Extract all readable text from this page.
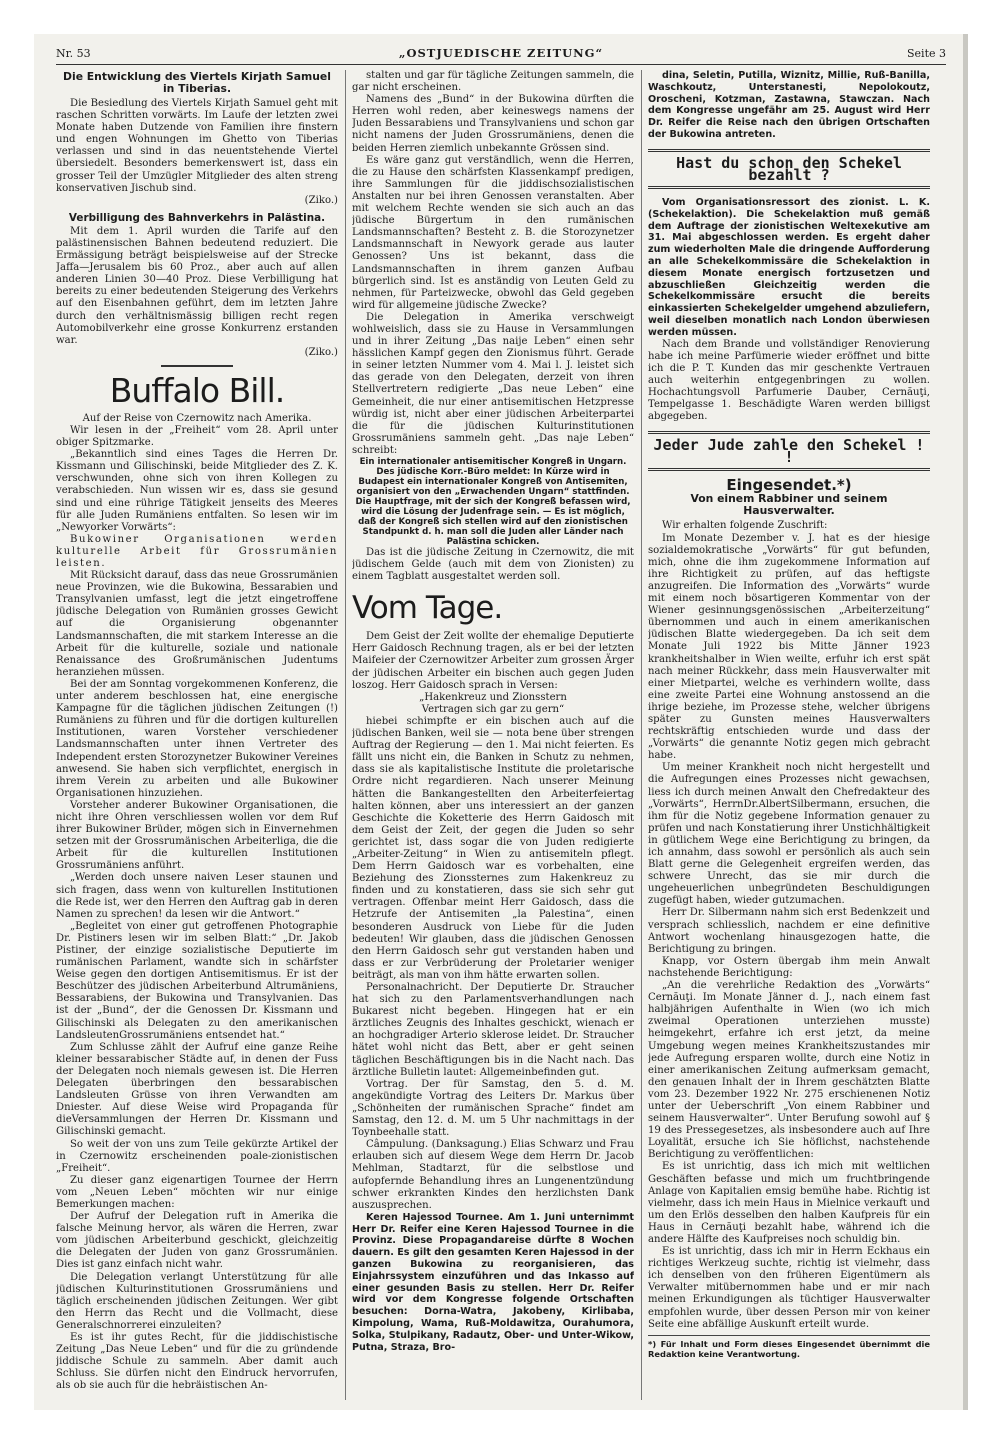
Nr. 53	„OSTJUEDISCHE ZEITUNG“	Seite 3
Die Entwicklung des Viertels Kirjath Samuel in Tiberias.

Die Besiedlung des Viertels Kirjath Samuel geht mit raschen Schritten vorwärts. Im Laufe der letzten zwei Monate haben Dutzende von Familien ihre finstern und engen Wohnungen im Ghetto von Tiberias verlassen und sind in das neuentstehende Viertel übersiedelt. Besonders bemerkenswert ist, dass ein grosser Teil der Umzügler Mitglieder des alten streng konservativen Jischub sind.

(Ziko.)
Verbilligung des Bahnverkehrs in Palästina.

Mit dem 1. April wurden die Tarife auf den palästinensischen Bahnen bedeutend reduziert. Die Ermässigung beträgt beispielsweise auf der Strecke Jaffa—Jerusalem bis 60 Proz., aber auch auf allen anderen Linien 30—40 Proz. Diese Verbilligung hat bereits zu einer bedeutenden Steigerung des Verkehrs auf den Eisenbahnen geführt, dem im letzten Jahre durch den verhältnismässig billigen recht regen Automobilverkehr eine grosse Konkurrenz erstanden war.

(Ziko.)
Buffalo Bill.
Auf der Reise von Czernowitz nach Amerika.

Wir lesen in der „Freiheit“ vom 28. April unter obiger Spitzmarke.

„Bekanntlich sind eines Tages die Herren Dr. Kissmann und Gilischinski, beide Mitglieder des Z. K. verschwunden, ohne sich von ihren Kollegen zu verabschieden. Nun wissen wir es, dass sie gesund sind und eine rührige Tätigkeit jenseits des Meeres für alle Juden Rumäniens entfalten. So lesen wir im „Newyorker Vorwärts“:

Bukowiner Organisationen werden kulturelle Arbeit für Grossrumänien leisten.

Mit Rücksicht darauf, dass das neue Grossrumänien neue Provinzen, wie die Bukowina, Bessarabien und Transylvanien umfasst, legt die jetzt eingetroffene jüdische Delegation von Rumänien grosses Gewicht auf die Organisierung obgenannter Landsmannschaften, die mit starkem Interesse an die Arbeit für die kulturelle, soziale und nationale Renaissance des Großrumänischen Judentums heranziehen müssen.

Bei der am Sonntag vorgekommenen Konferenz, die unter anderem beschlossen hat, eine energische Kampagne für die täglichen jüdischen Zeitungen (!) Rumäniens zu führen und für die dortigen kulturellen Institutionen, waren Vorsteher verschiedener Landsmannschaften unter ihnen Vertreter des Independent ersten Storozynetzer Bukowiner Vereines anwesend. Sie haben sich verpflichtet, energisch in ihrem Verein zu arbeiten und alle Bukowiner Organisationen hinzuziehen.

Vorsteher anderer Bukowiner Organisationen, die nicht ihre Ohren verschliessen wollen vor dem Ruf ihrer Bukowiner Brüder, mögen sich in Einvernehmen setzen mit der Grossrumänischen Arbeiterliga, die die Arbeit für die kulturellen Institutionen Grossrumäniens anführt.

„Werden doch unsere naiven Leser staunen und sich fragen, dass wenn von kulturellen Institutionen die Rede ist, wer den Herren den Auftrag gab in deren Namen zu sprechen! da lesen wir die Antwort.“

„Begleitet von einer gut getroffenen Photographie Dr. Pistiners lesen wir im selben Blatt:“ „Dr. Jakob Pistiner, der einzige sozialistische Deputierte im rumänischen Parlament, wandte sich in schärfster Weise gegen den dortigen Antisemitismus. Er ist der Beschützer des jüdischen Arbeiterbund Altrumäniens, Bessarabiens, der Bukowina und Transylvanien. Das ist der „Bund“, der die Genossen Dr. Kissmann und Gilischinski als Delegaten zu den amerikanischen LandsleutenGrossrumäniens entsendet hat.“

Zum Schlusse zählt der Aufruf eine ganze Reihe kleiner bessarabischer Städte auf, in denen der Fuss der Delegaten noch niemals gewesen ist. Die Herren Delegaten überbringen den bessarabischen Landsleuten Grüsse von ihren Verwandten am Dniester. Auf diese Weise wird Propaganda für dieVersammlungen der Herren Dr. Kissmann und Gilischinski gemacht.

So weit der von uns zum Teile gekürzte Artikel der in Czernowitz erscheinenden poale-zionistischen „Freiheit“.

Zu dieser ganz eigenartigen Tournee der Herrn vom „Neuen Leben“ möchten wir nur einige Bemerkungen machen:

Der Aufruf der Delegation ruft in Amerika die falsche Meinung hervor, als wären die Herren, zwar vom jüdischen Arbeiterbund geschickt, gleichzeitig die Delegaten der Juden von ganz Grossrumänien. Dies ist ganz einfach nicht wahr.

Die Delegation verlangt Unterstützung für alle jüdischen Kulturinstitutionen Grossrumäniens und täglich erscheinenden jüdischen Zeitungen. Wer gibt den Herrn das Recht und die Vollmacht, diese Generalschnorrerei einzuleiten?

Es ist ihr gutes Recht, für die jiddischistische Zeitung „Das Neue Leben“ und für die zu gründende jiddische Schule zu sammeln. Aber damit auch Schluss. Sie dürfen nicht den Eindruck hervorrufen, als ob sie auch für die hebräistischen An-

stalten und gar für tägliche Zeitungen sammeln, die gar nicht erscheinen.

Namens des „Bund“ in der Bukowina dürften die Herren wohl reden, aber keineswegs namens der Juden Bessarabiens und Transylvaniens und schon gar nicht namens der Juden Grossrumäniens, denen die beiden Herren ziemlich unbekannte Grössen sind.

Es wäre ganz gut verständlich, wenn die Herren, die zu Hause den schärfsten Klassenkampf predigen, ihre Sammlungen für die jiddischsozialistischen Anstalten nur bei ihren Genossen veranstalten. Aber mit welchem Rechte wenden sie sich auch an das jüdische Bürgertum in den rumänischen Landsmannschaften? Besteht z. B. die Storozynetzer Landsmannschaft in Newyork gerade aus lauter Genossen? Uns ist bekannt, dass die Landsmannschaften in ihrem ganzen Aufbau bürgerlich sind. Ist es anständig von Leuten Geld zu nehmen, für Parteizwecke, obwohl das Geld gegeben wird für allgemeine jüdische Zwecke?

Die Delegation in Amerika verschweigt wohlweislich, dass sie zu Hause in Versammlungen und in ihrer Zeitung „Das naije Leben“ einen sehr hässlichen Kampf gegen den Zionismus führt. Gerade in seiner letzten Nummer vom 4. Mai l. J. leistet sich das gerade von den Delegaten, derzeit von ihren Stellvertretern redigierte „Das neue Leben“ eine Gemeinheit, die nur einer antisemitischen Hetzpresse würdig ist, nicht aber einer jüdischen Arbeiterpartei die für die jüdischen Kulturinstitutionen Grossrumäniens sammeln geht. „Das naje Leben“ schreibt:

Ein internationaler antisemitischer Kongreß in Ungarn. Des jüdische Korr.-Büro meldet: In Kürze wird in Budapest ein internationaler Kongreß von Antisemiten, organisiert von den „Erwachenden Ungarn“ stattfinden. Die Hauptfrage, mit der sich der Kongreß befassen wird, wird die Lösung der Judenfrage sein. — Es ist möglich, daß der Kongreß sich stellen wird auf den zionistischen Standpunkt d. h. man soll die Juden aller Länder nach Palästina schicken.

Das ist die jüdische Zeitung in Czernowitz, die mit jüdischem Gelde (auch mit dem von Zionisten) zu einem Tagblatt ausgestaltet werden soll.

Vom Tage.

Dem Geist der Zeit wollte der ehemalige Deputierte Herr Gaidosch Rechnung tragen, als er bei der letzten Maifeier der Czernowitzer Arbeiter zum grossen Ärger der jüdischen Arbeiter ein bischen auch gegen Juden loszog. Herr Gaidosch sprach in Versen:

„Hakenkreuz und Zionsstern
Vertragen sich gar zu gern“

hiebei schimpfte er ein bischen auch auf die jüdischen Banken, weil sie — nota bene über strengen Auftrag der Regierung — den 1. Mai nicht feierten. Es fällt uns nicht ein, die Banken in Schutz zu nehmen, dass sie als kapitalistische Institute die proletarische Ordre nicht regardieren. Nach unserer Meinung hätten die Bankangestellten den Arbeiterfeiertag halten können, aber uns interessiert an der ganzen Geschichte die Koketterie des Herrn Gaidosch mit dem Geist der Zeit, der gegen die Juden so sehr gerichtet ist, dass sogar die von Juden redigierte „Arbeiter-Zeitung“ in Wien zu antisemiteln pflegt. Dem Herrn Gaidosch war es vorbehalten, eine Beziehung des Zionssternes zum Hakenkreuz zu finden und zu konstatieren, dass sie sich sehr gut vertragen. Offenbar meint Herr Gaidosch, dass die Hetzrufe der Antisemiten „la Palestina“, einen besonderen Ausdruck von Liebe für die Juden bedeuten! Wir glauben, dass die jüdischen Genossen den Herrn Gaidosch sehr gut verstanden haben und dass er zur Verbrüderung der Proletarier weniger beiträgt, als man von ihm hätte erwarten sollen.

Personalnachricht. Der Deputierte Dr. Straucher hat sich zu den Parlamentsverhandlungen nach Bukarest nicht begeben. Hingegen hat er ein ärztliches Zeugnis des Inhaltes geschickt, wienach er an hochgradiger Arterio sklerose leidet. Dr. Straucher hätet wohl nicht das Bett, aber er geht seinen täglichen Beschäftigungen bis in die Nacht nach. Das ärztliche Bulletin lautet: Allgemeinbefinden gut.

Vortrag. Der für Samstag, den 5. d. M. angekündigte Vortrag des Leiters Dr. Markus über „Schönheiten der rumänischen Sprache“ findet am Samstag, den 12. d. M. um 5 Uhr nachmittags in der Toynbeehalle statt.

Câmpulung. (Danksagung.) Elias Schwarz und Frau erlauben sich auf diesem Wege dem Herrn Dr. Jacob Mehlman, Stadtarzt, für die selbstlose und aufopfernde Behandlung ihres an Lungenentzündung schwer erkrankten Kindes den herzlichsten Dank auszusprechen.

Keren Hajessod Tournee. Am 1. Juni unternimmt Herr Dr. Reifer eine Keren Hajessod Tournee in die Provinz. Diese Propagandareise dürfte 8 Wochen dauern. Es gilt den gesamten Keren Hajessod in der ganzen Bukowina zu reorganisieren, das Einjahrssystem einzuführen und das Inkasso auf einer gesunden Basis zu stellen. Herr Dr. Reifer wird vor dem Kongresse folgende Ortschaften besuchen: Dorna-Watra, Jakobeny, Kirlibaba, Kimpolung, Wama, Ruß-Moldawitza, Ourahumora, Solka, Stulpikany, Radautz, Ober- und Unter-Wikow, Putna, Straza, Bro-

dina, Seletin, Putilla, Wiznitz, Millie, Ruß-Banilla, Waschkoutz, Unterstanesti, Nepolokoutz, Oroscheni, Kotzman, Zastawna, Stawczan. Nach dem Kongresse ungefähr am 25. August wird Herr Dr. Reifer die Reise nach den übrigen Ortschaften der Bukowina antreten.

Hast du schon den Schekel bezahlt ?

Vom Organisationsressort des zionist. L. K. (Schekelaktion). Die Schekelaktion muß gemäß dem Auftrage der zionistischen Weltexekutive am 31. Mai abgeschlossen werden. Es ergeht daher zum wiederholten Male die dringende Aufforderung an alle Schekelkommissäre die Schekelaktion in diesem Monate energisch fortzusetzen und abzuschließen Gleichzeitig werden die Schekelkommissäre ersucht die bereits einkassierten Schekelgelder umgehend abzuliefern, weil dieselben monatlich nach London überwiesen werden müssen.

Nach dem Brande und vollständiger Renovierung habe ich meine Parfümerie wieder eröffnet und bitte ich die P. T. Kunden das mir geschenkte Vertrauen auch weiterhin entgegenbringen zu wollen. Hochachtungsvoll Parfumerie Dauber, Cernăuţi, Tempelgasse 1. Beschädigte Waren werden billigst abgegeben.

Jeder Jude zahle den Schekel ! !
Eingesendet.*)
Von einem Rabbiner und seinem Hausverwalter.

Wir erhalten folgende Zuschrift:

Im Monate Dezember v. J. hat es der hiesige sozialdemokratische „Vorwärts“ für gut befunden, mich, ohne die ihm zugekommene Information auf ihre Richtigkeit zu prüfen, auf das heftigste anzugreifen. Die Information des „Vorwärts“ wurde mit einem noch bösartigeren Kommentar von der Wiener gesinnungsgenössischen „Arbeiterzeitung“ übernommen und auch in einem amerikanischen jüdischen Blatte wiedergegeben. Da ich seit dem Monate Juli 1922 bis Mitte Jänner 1923 krankheitshalber in Wien weilte, erfuhr ich erst spät nach meiner Rückkehr, dass mein Hausverwalter mit einer Mietpartei, welche es verhindern wollte, dass eine zweite Partei eine Wohnung anstossend an die ihrige beziehe, im Prozesse stehe, welcher übrigens später zu Gunsten meines Hausverwalters rechtskräftig entschieden wurde und dass der „Vorwärts“ die genannte Notiz gegen mich gebracht habe.

Um meiner Krankheit noch nicht hergestellt und die Aufregungen eines Prozesses nicht gewachsen, liess ich durch meinen Anwalt den Chefredakteur des „Vorwärts“, HerrnDr.AlbertSilbermann, ersuchen, die ihm für die Notiz gegebene Information genauer zu prüfen und nach Konstatierung ihrer Unstichhältigkeit in gütlichem Wege eine Berichtigung zu bringen, da ich annahm, dass sowohl er persönlich als auch sein Blatt gerne die Gelegenheit ergreifen werden, das schwere Unrecht, das sie mir durch die ungeheuerlichen unbegründeten Beschuldigungen zugefügt haben, wieder gutzumachen.

Herr Dr. Silbermann nahm sich erst Bedenkzeit und versprach schliesslich, nachdem er eine definitive Antwort wochenlang hinausgezogen hatte, die Berichtigung zu bringen.

Knapp, vor Ostern übergab ihm mein Anwalt nachstehende Berichtigung:

„An die verehrliche Redaktion des „Vorwärts“ Cernăuţi. Im Monate Jänner d. J., nach einem fast halbjährigen Aufenthalte in Wien (wo ich mich zweimal Operationen unterziehen musste) heimgekehrt, erfahre ich erst jetzt, da meine Umgebung wegen meines Krankheitszustandes mir jede Aufregung ersparen wollte, durch eine Notiz in einer amerikanischen Zeitung aufmerksam gemacht, den genauen Inhalt der in Ihrem geschätzten Blatte vom 23. Dezember 1922 Nr. 275 erschienenen Notiz unter der Ueberschrift „Von einem Rabbiner und seinem Hausverwalter“. Unter Berufung sowohl auf § 19 des Pressegesetzes, als insbesondere auch auf Ihre Loyalität, ersuche ich Sie höflichst, nachstehende Berichtigung zu veröffentlichen:

Es ist unrichtig, dass ich mich mit weltlichen Geschäften befasse und mich um fruchtbringende Anlage von Kapitalien emsig bemühe habe. Richtig ist vielmehr, dass ich mein Haus in Mielnice verkauft und um den Erlös desselben den halben Kaufpreis für ein Haus in Cernăuţi bezahlt habe, während ich die andere Hälfte des Kaufpreises noch schuldig bin.

Es ist unrichtig, dass ich mir in Herrn Eckhaus ein richtiges Werkzeug suchte, richtig ist vielmehr, dass ich denselben von den früheren Eigentümern als Verwalter mitübernommen habe und er mir nach meinen Erkundigungen als tüchtiger Hausverwalter empfohlen wurde, über dessen Person mir von keiner Seite eine abfällige Auskunft erteilt wurde.

*) Für Inhalt und Form dieses Eingesendet übernimmt die Redaktion keine Verantwortung.
